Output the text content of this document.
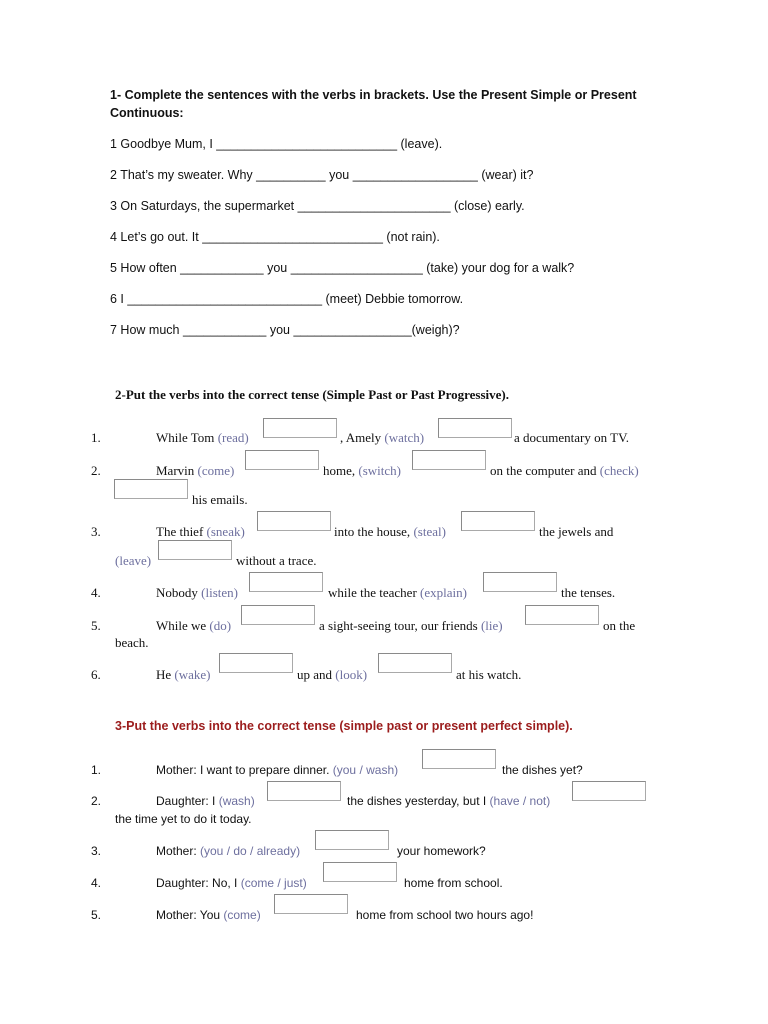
1- Complete the sentences with the verbs in brackets. Use the Present Simple or Present
Continuous:
1 Goodbye Mum, I __________________________ (leave).
2 That’s my sweater. Why __________ you __________________ (wear) it?
3 On Saturdays, the supermarket ______________________ (close) early.
4 Let’s go out. It __________________________ (not rain).
5 How often ____________ you ___________________ (take) your dog for a walk?
6 I ____________________________ (meet) Debbie tomorrow.
7 How much ____________ you _________________(weigh)?
2-Put the verbs into the correct tense (Simple Past or Past Progressive).
1.	While Tom (read)	, Amely (watch)	a documentary on TV.
2.	Marvin (come)	home, (switch)	on the computer and (check)
his emails.
3.	The thief (sneak)	into the house, (steal)	the jewels and
(leave)	without a trace.
4.	Nobody (listen)	while the teacher (explain)	the tenses.
5.	While we (do)	a sight-seeing tour, our friends (lie)	on the
beach.
6.	He (wake)	up and (look)	at his watch.
3-Put the verbs into the correct tense (simple past or present perfect simple).
1.	Mother: I want to prepare dinner. (you / wash)	the dishes yet?
2.	Daughter: I (wash)	the dishes yesterday, but I (have / not)
the time yet to do it today.
3.	Mother: (you / do / already)	your homework?
4.	Daughter: No, I (come / just)	home from school.
5.	Mother: You (come)	home from school two hours ago!
